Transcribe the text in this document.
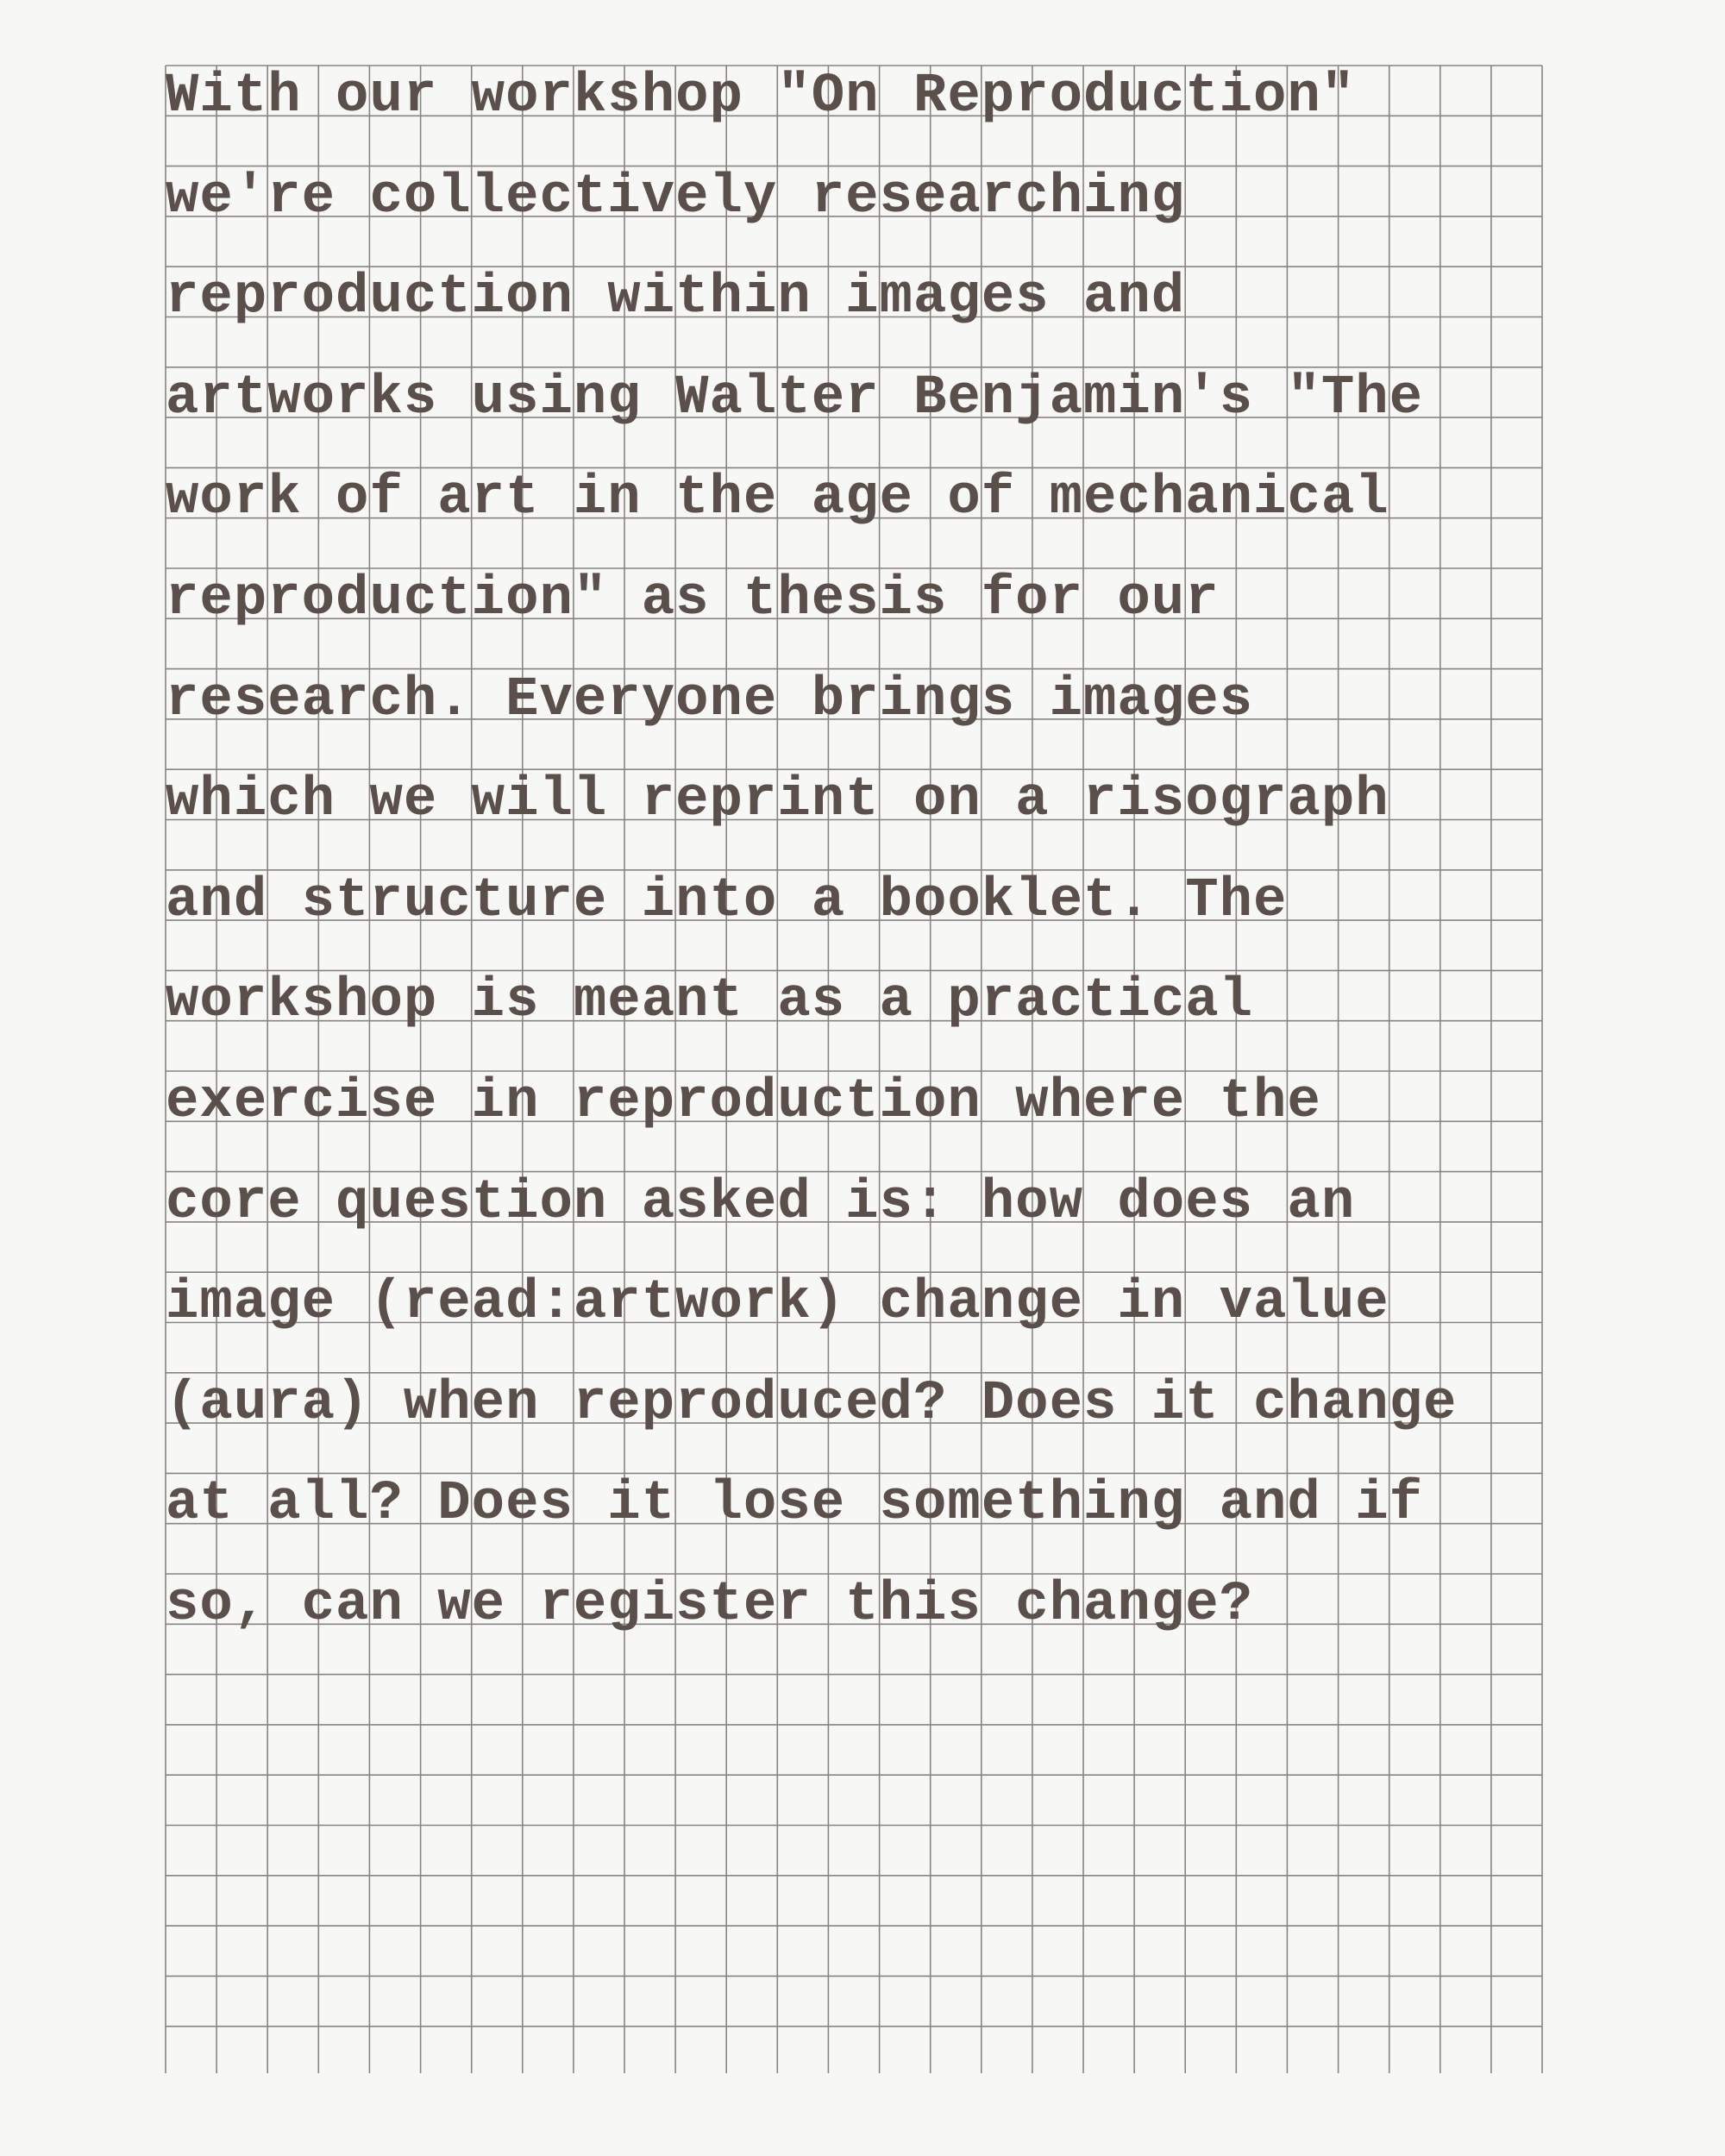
With our workshop "On Reproduction"
we're collectively researching
reproduction within images and
artworks using Walter Benjamin's "The
work of art in the age of mechanical
reproduction" as thesis for our
research. Everyone brings images
which we will reprint on a risograph
and structure into a booklet. The
workshop is meant as a practical
exercise in reproduction where the
core question asked is: how does an
image (read:artwork) change in value
(aura) when reproduced? Does it change
at all? Does it lose something and if
so, can we register this change?
